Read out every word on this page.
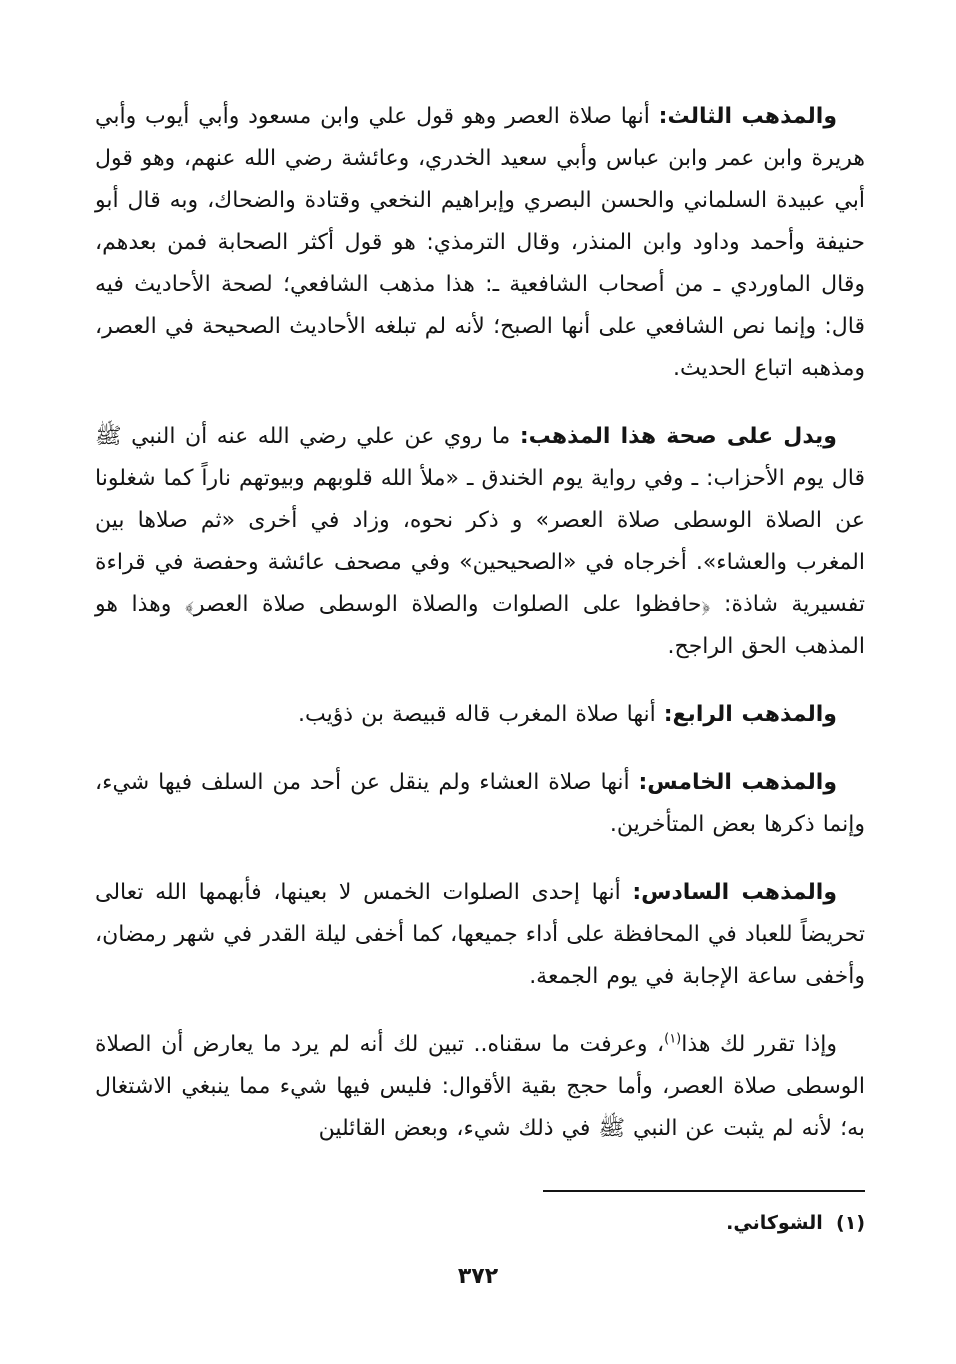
والمذهب الثالث: أنها صلاة العصر وهو قول علي وابن مسعود وأبي أيوب وأبي هريرة وابن عمر وابن عباس وأبي سعيد الخدري، وعائشة رضي الله عنهم، وهو قول أبي عبيدة السلماني والحسن البصري وإبراهيم النخعي وقتادة والضحاك، وبه قال أبو حنيفة وأحمد وداود وابن المنذر، وقال الترمذي: هو قول أكثر الصحابة فمن بعدهم، وقال الماوردي ـ من أصحاب الشافعية ـ: هذا مذهب الشافعي؛ لصحة الأحاديث فيه قال: وإنما نص الشافعي على أنها الصبح؛ لأنه لم تبلغه الأحاديث الصحيحة في العصر، ومذهبه اتباع الحديث.

ويدل على صحة هذا المذهب: ما روي عن علي رضي الله عنه أن النبي ﷺ قال يوم الأحزاب: ـ وفي رواية يوم الخندق ـ «ملأ الله قلوبهم وبيوتهم ناراً كما شغلونا عن الصلاة الوسطى صلاة العصر» و ذكر نحوه، وزاد في أخرى «ثم صلاها بين المغرب والعشاء». أخرجاه في «الصحيحين» وفي مصحف عائشة وحفصة في قراءة تفسيرية شاذة: ﴿حافظوا على الصلوات والصلاة الوسطى صلاة العصر﴾ وهذا هو المذهب الحق الراجح.

والمذهب الرابع: أنها صلاة المغرب قاله قبيصة بن ذؤيب.

والمذهب الخامس: أنها صلاة العشاء ولم ينقل عن أحد من السلف فيها شيء، وإنما ذكرها بعض المتأخرين.

والمذهب السادس: أنها إحدى الصلوات الخمس لا بعينها، فأبهمها الله تعالى تحريضاً للعباد في المحافظة على أداء جميعها، كما أخفى ليلة القدر في شهر رمضان، وأخفى ساعة الإجابة في يوم الجمعة.

وإذا تقرر لك هذا$^{(١)}$، وعرفت ما سقناه.. تبين لك أنه لم يرد ما يعارض أن الصلاة الوسطى صلاة العصر، وأما حجج بقية الأقوال: فليس فيها شيء مما ينبغي الاشتغال به؛ لأنه لم يثبت عن النبي ﷺ في ذلك شيء، وبعض القائلين

(١)  الشوكاني.
٣٧٢
